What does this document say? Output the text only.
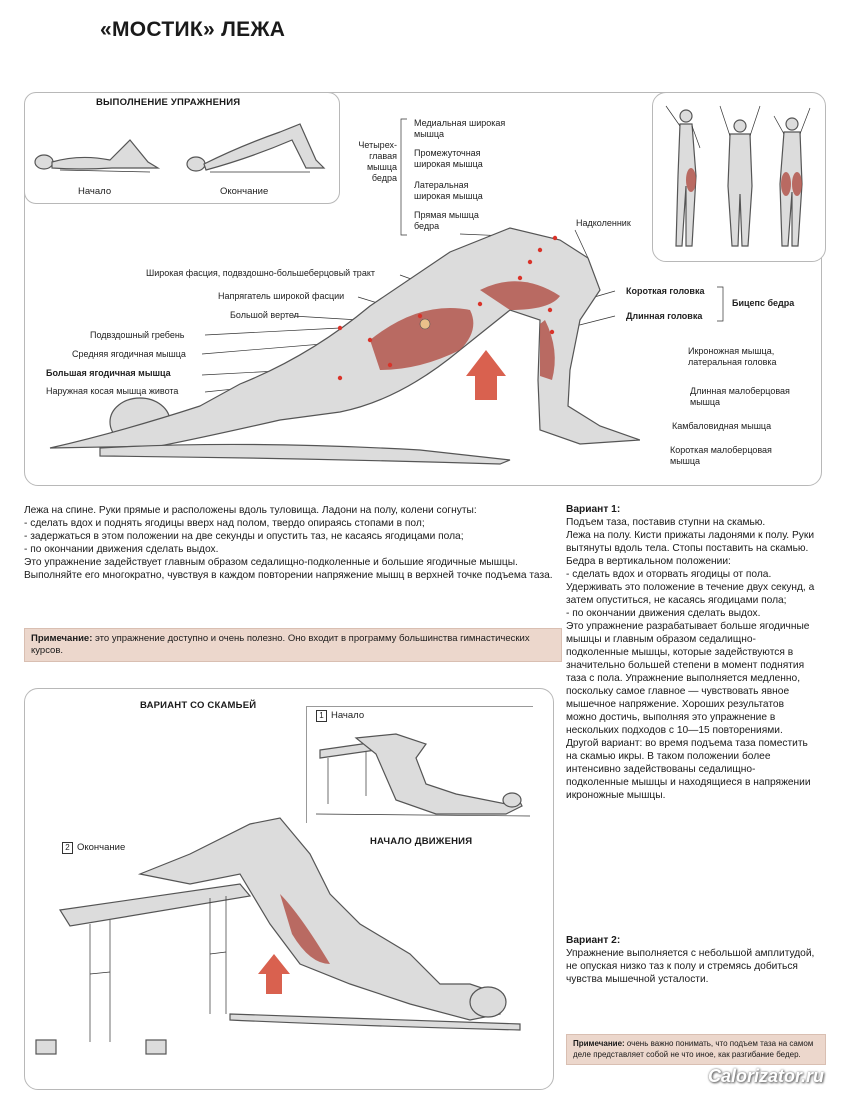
«МОСТИК» ЛЕЖА
ВЫПОЛНЕНИЕ УПРАЖНЕНИЯ
Начало	Окончание
Четырех-
главая
мышца
бедра
Медиальная широкая
мышца
Промежуточная
широкая мышца
Латеральная
широкая мышца
Прямая мышца
бедра	Надколенник
Широкая фасция, подвздошно-большеберцовый тракт
Напрягатель широкой фасции
Большой вертел
Подвздошный гребень
Средняя ягодичная мышца
Большая ягодичная мышца
Наружная косая мышца живота
Короткая головка
Длинная головка
Бицепс бедра
Икроножная мышца,
латеральная головка
Длинная малоберцовая
мышца
Камбаловидная мышца
Короткая малоберцовая
мышца

Лежа на спине. Руки прямые и расположены вдоль туловища. Ладони на полу, колени согнуты:

- сделать вдох и поднять ягодицы вверх над полом, твердо опираясь стопами в пол;

- задержаться в этом положении на две секунды и опустить таз, не касаясь ягодицами пола;

- по окончании движения сделать выдох.

Это упражнение задействует главным образом седалищно-подколенные и большие ягодичные мышцы.

Выполняйте его многократно, чувствуя в каждом повторении напряжение мышц в верхней точке подъема таза.

Примечание: это упражнение доступно и очень полезно. Оно входит в программу большинства гимнастических курсов.
ВАРИАНТ СО СКАМЬЕЙ
1 Начало
НАЧАЛО ДВИЖЕНИЯ
2 Окончание

Вариант 1:

Подъем таза, поставив ступни на скамью.

Лежа на полу. Кисти прижаты ладонями к полу. Руки вытянуты вдоль тела. Стопы поставить на скамью. Бедра в вертикальном положении:

- сделать вдох и оторвать ягодицы от пола. Удерживать это положение в течение двух секунд, а затем опуститься, не касаясь ягодицами пола;

- по окончании движения сделать выдох.

Это упражнение разрабатывает больше ягодичные мышцы и главным образом седалищно-подколенные мышцы, которые задействуются в значительно большей степени в момент поднятия таза с пола. Упражнение выполняется медленно, поскольку самое главное — чувствовать явное мышечное напряжение. Хороших результатов можно достичь, выполняя это упражнение в нескольких подходов с 10—15 повторениями.

Другой вариант: во время подъема таза поместить на скамью икры. В таком положении более интенсивно задействованы седалищно-подколенные мышцы и находящиеся в напряжении икроножные мышцы.

Вариант 2:

Упражнение выполняется с небольшой амплитудой, не опуская низко таз к полу и стремясь добиться чувства мышечной усталости.

Примечание: очень важно понимать, что подъем таза на самом деле представляет собой не что иное, как разгибание бедер.
Calorizator.ru
